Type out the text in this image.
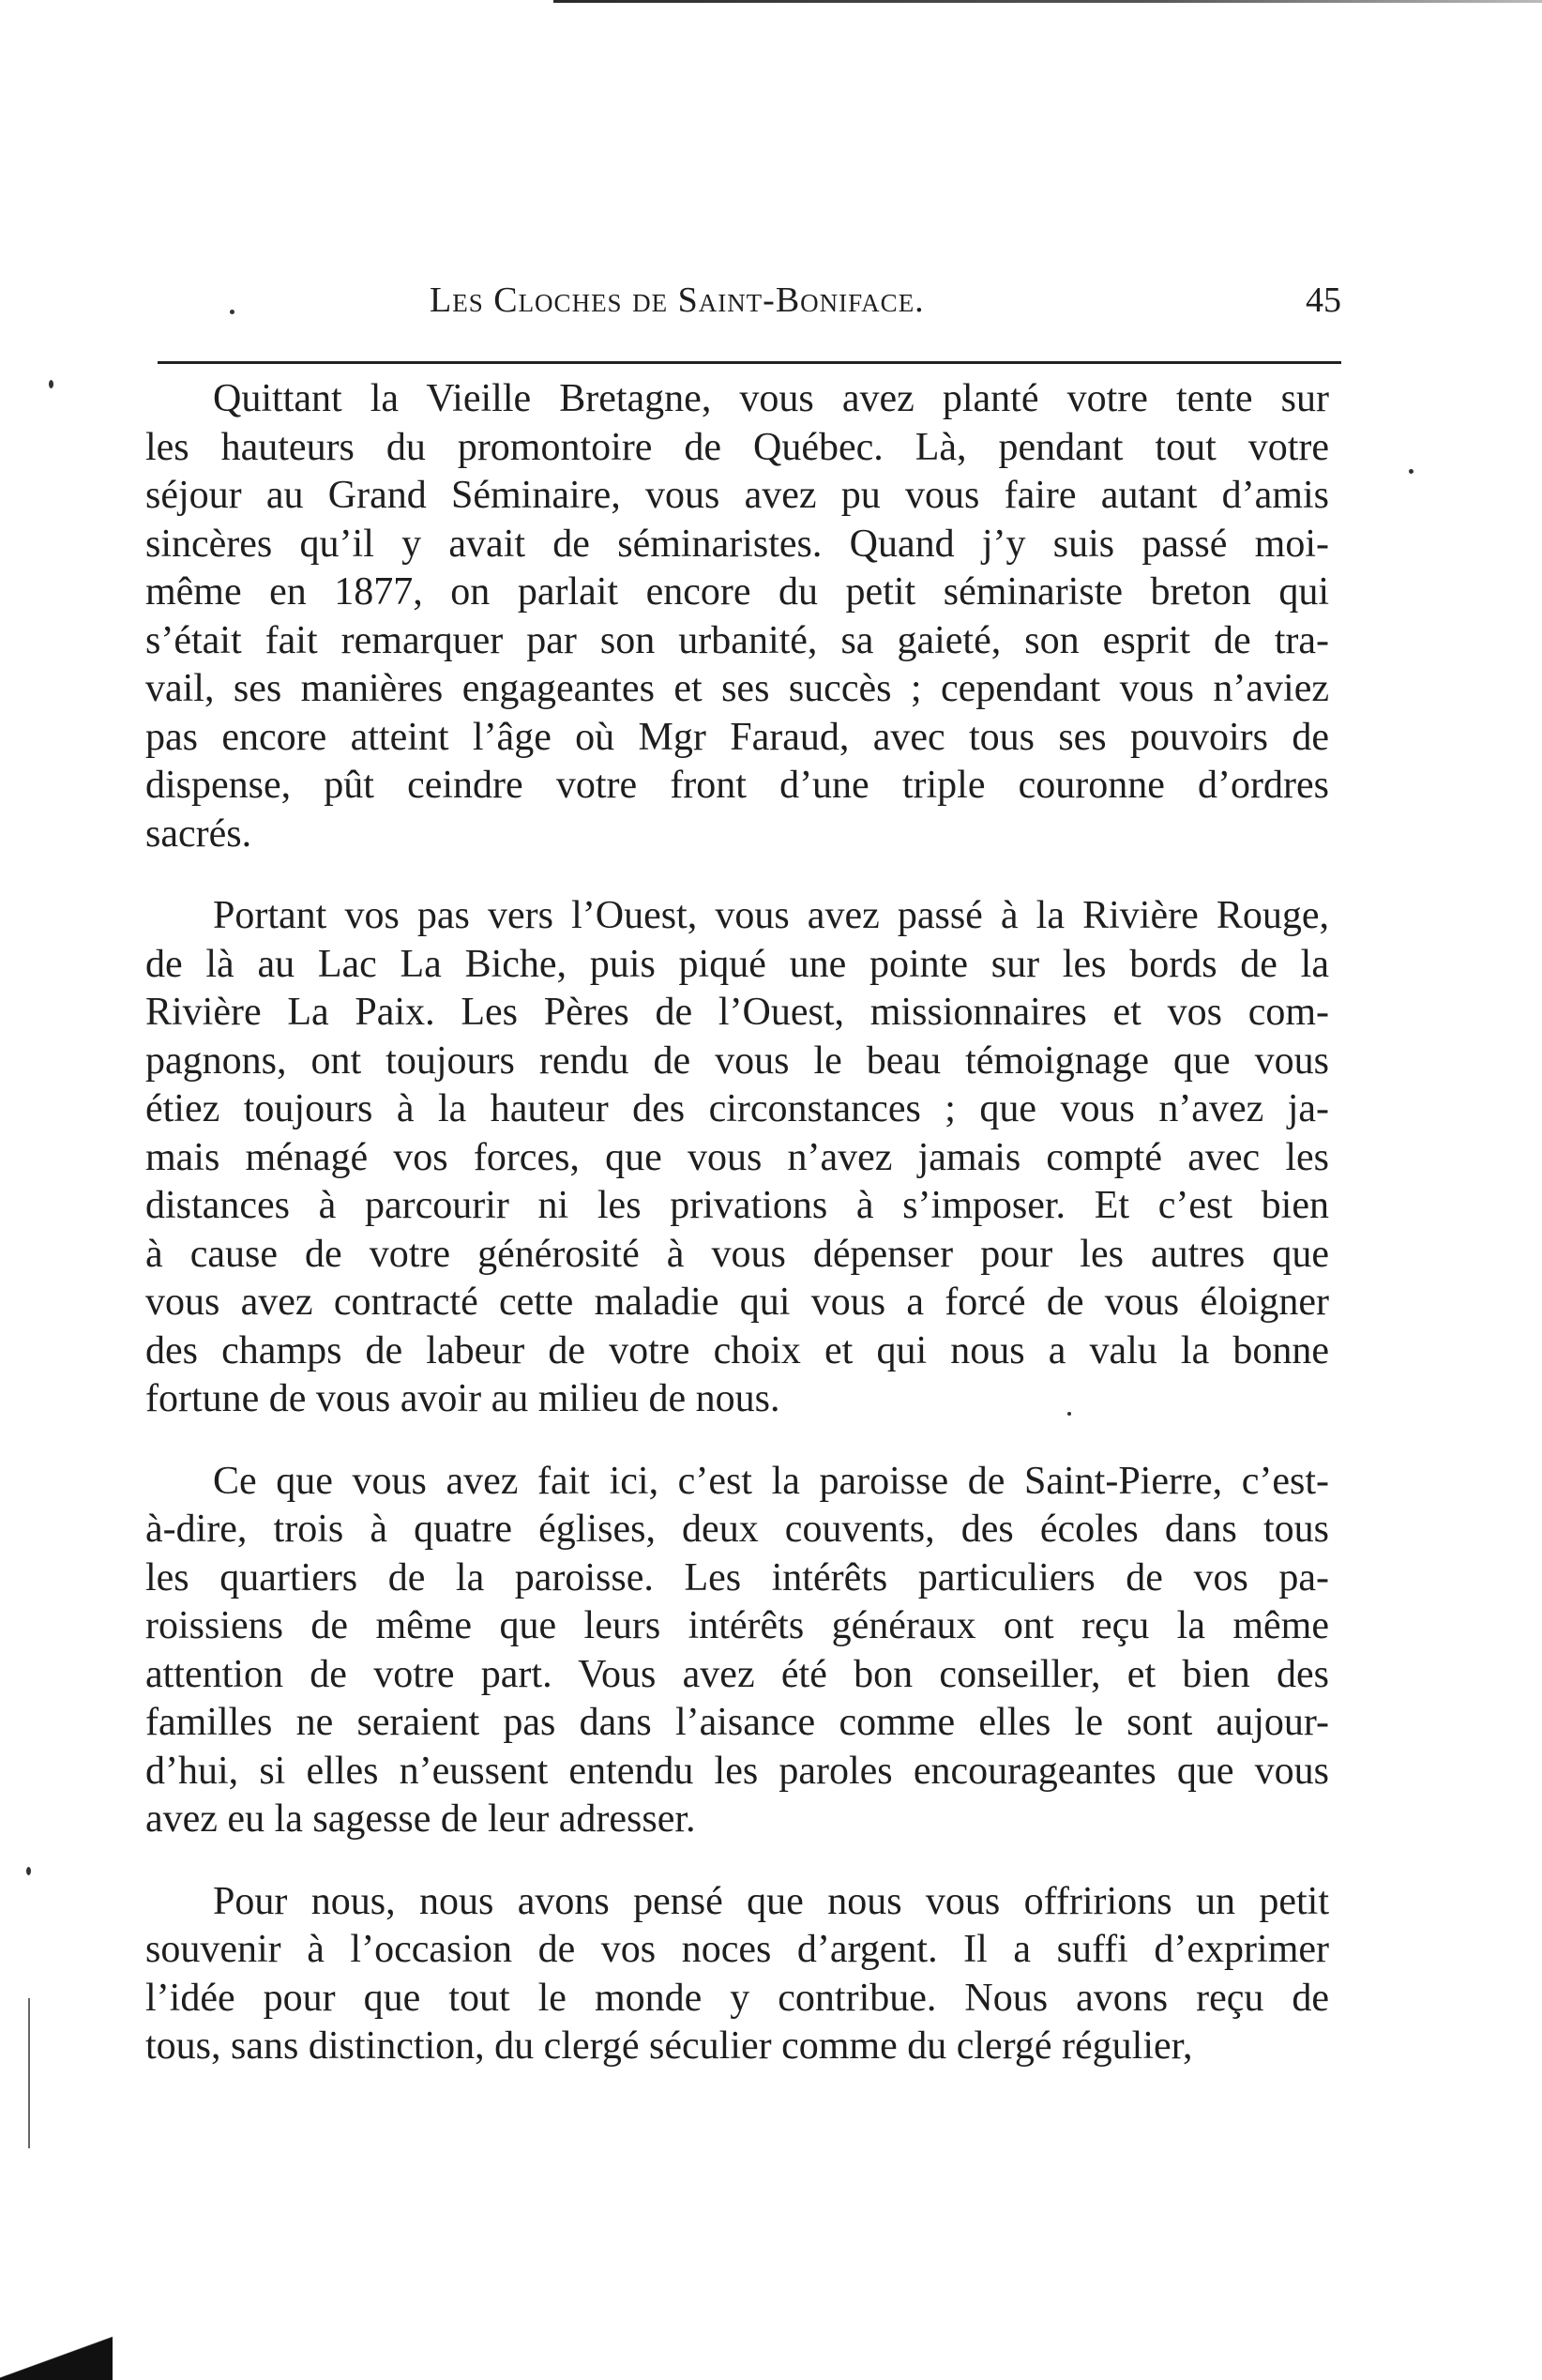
Les Cloches de Saint-Boniface.	45

Quittant la Vieille Bretagne, vous avez planté votre tente sur
les hauteurs du promontoire de Québec. Là, pendant tout votre
séjour au Grand Séminaire, vous avez pu vous faire autant d’amis
sincères qu’il y avait de séminaristes. Quand j’y suis passé moi-
même en 1877, on parlait encore du petit séminariste breton qui
s’était fait remarquer par son urbanité, sa gaieté, son esprit de tra-
vail, ses manières engageantes et ses succès ; cependant vous n’aviez
pas encore atteint l’âge où Mgr Faraud, avec tous ses pouvoirs de
dispense, pût ceindre votre front d’une triple couronne d’ordres
sacrés.

Portant vos pas vers l’Ouest, vous avez passé à la Rivière Rouge,
de là au Lac La Biche, puis piqué une pointe sur les bords de la
Rivière La Paix. Les Pères de l’Ouest, missionnaires et vos com-
pagnons, ont toujours rendu de vous le beau témoignage que vous
étiez toujours à la hauteur des circonstances ; que vous n’avez ja-
mais ménagé vos forces, que vous n’avez jamais compté avec les
distances à parcourir ni les privations à s’imposer. Et c’est bien
à cause de votre générosité à vous dépenser pour les autres que
vous avez contracté cette maladie qui vous a forcé de vous éloigner
des champs de labeur de votre choix et qui nous a valu la bonne
fortune de vous avoir au milieu de nous.

Ce que vous avez fait ici, c’est la paroisse de Saint-Pierre, c’est-
à-dire, trois à quatre églises, deux couvents, des écoles dans tous
les quartiers de la paroisse. Les intérêts particuliers de vos pa-
roissiens de même que leurs intérêts généraux ont reçu la même
attention de votre part. Vous avez été bon conseiller, et bien des
familles ne seraient pas dans l’aisance comme elles le sont aujour-
d’hui, si elles n’eussent entendu les paroles encourageantes que vous
avez eu la sagesse de leur adresser.

Pour nous, nous avons pensé que nous vous offririons un petit
souvenir à l’occasion de vos noces d’argent. Il a suffi d’exprimer
l’idée pour que tout le monde y contribue. Nous avons reçu de
tous, sans distinction, du clergé séculier comme du clergé régulier,
